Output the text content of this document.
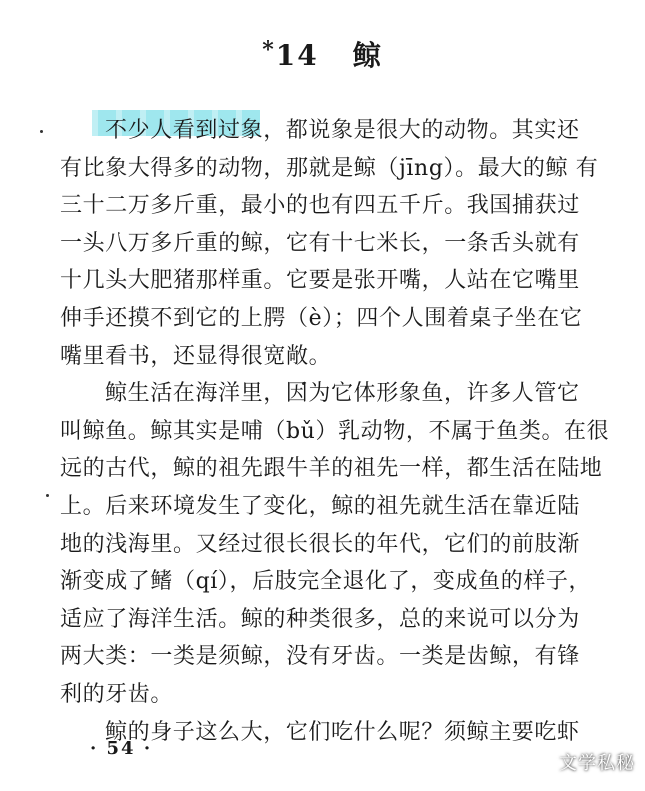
*14 鲸
不少人看到过象，都说象是很大的动物。其实还
有比象大得多的动物，那就是鲸（jīng）。最大的鲸 有
三十二万多斤重，最小的也有四五千斤。我国捕获过
一头八万多斤重的鲸，它有十七米长，一条舌头就有
十几头大肥猪那样重。它要是张开嘴，人站在它嘴里
伸手还摸不到它的上腭（è）；四个人围着桌子坐在它
嘴里看书，还显得很宽敞。
鲸生活在海洋里，因为它体形象鱼，许多人管它
叫鲸鱼。鲸其实是哺（bǔ）乳动物，不属于鱼类。在很
远的古代，鲸的祖先跟牛羊的祖先一样，都生活在陆地
上。后来环境发生了变化，鲸的祖先就生活在靠近陆
地的浅海里。又经过很长很长的年代，它们的前肢渐
渐变成了鳍（qí），后肢完全退化了，变成鱼的样子，
适应了海洋生活。鲸的种类很多，总的来说可以分为
两大类：一类是须鲸，没有牙齿。一类是齿鲸，有锋
利的牙齿。
鲸的身子这么大，它们吃什么呢？须鲸主要吃虾
· 54 ·
文学私秘
